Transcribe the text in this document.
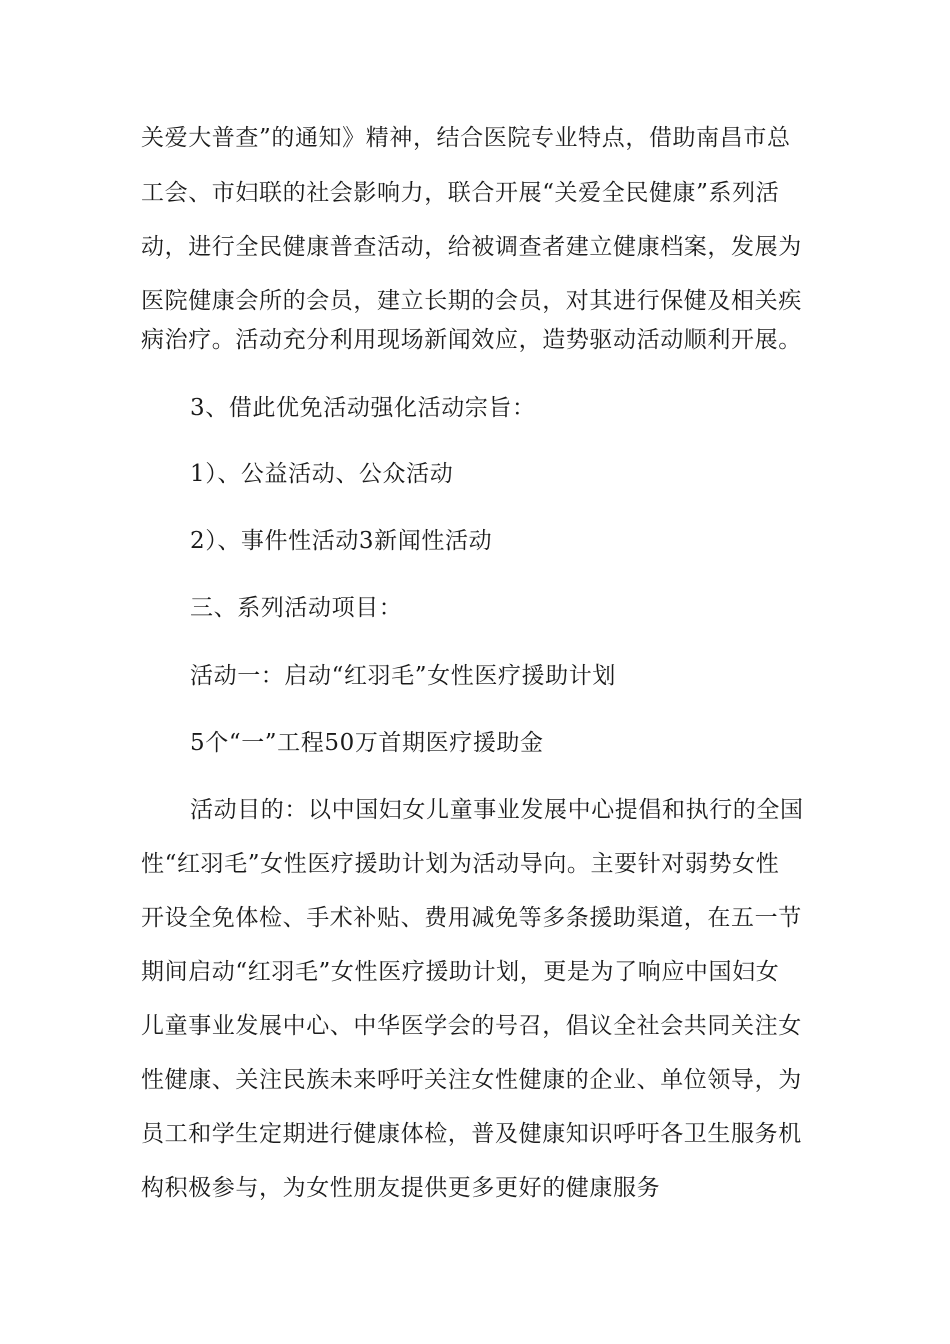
关爱大普查”的通知》精神，结合医院专业特点，借助南昌市总
工会、市妇联的社会影响力，联合开展“关爱全民健康”系列活
动，进行全民健康普查活动，给被调查者建立健康档案，发展为
医院健康会所的会员，建立长期的会员，对其进行保健及相关疾
病治疗。活动充分利用现场新闻效应，造势驱动活动顺利开展。
3、借此优免活动强化活动宗旨：
1）、公益活动、公众活动
2）、事件性活动3新闻性活动
三、系列活动项目：
活动一：启动“红羽毛”女性医疗援助计划
5个“一”工程50万首期医疗援助金
活动目的：以中国妇女儿童事业发展中心提倡和执行的全国
性“红羽毛”女性医疗援助计划为活动导向。主要针对弱势女性
开设全免体检、手术补贴、费用减免等多条援助渠道，在五一节
期间启动“红羽毛”女性医疗援助计划，更是为了响应中国妇女
儿童事业发展中心、中华医学会的号召，倡议全社会共同关注女
性健康、关注民族未来呼吁关注女性健康的企业、单位领导，为
员工和学生定期进行健康体检，普及健康知识呼吁各卫生服务机
构积极参与，为女性朋友提供更多更好的健康服务
